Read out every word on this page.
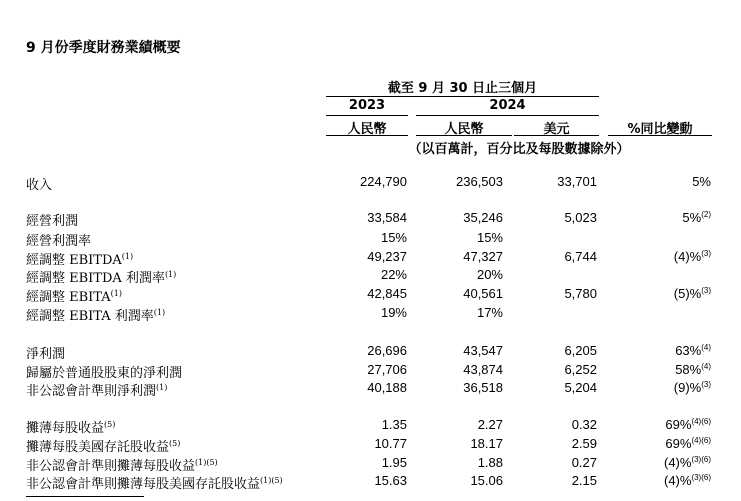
9 月份季度財務業績概要
截至 9 月 30 日止三個月
2023	2024
人民幣	人民幣	美元	%同比變動
（以百萬計，百分比及每股數據除外）
收入	224,790	236,503	33,701	5%
經營利潤	33,584	35,246	5,023	5%$^{(2)}$
經營利潤率	15%	15%
經調整 EBITDA$^{(1)}$	49,237	47,327	6,744	(4)%$^{(3)}$
經調整 EBITDA 利潤率$^{(1)}$	22%	20%
經調整 EBITA$^{(1)}$	42,845	40,561	5,780	(5)%$^{(3)}$
經調整 EBITA 利潤率$^{(1)}$	19%	17%
淨利潤	26,696	43,547	6,205	63%$^{(4)}$
歸屬於普通股股東的淨利潤	27,706	43,874	6,252	58%$^{(4)}$
非公認會計準則淨利潤$^{(1)}$	40,188	36,518	5,204	(9)%$^{(3)}$
攤薄每股收益$^{(5)}$	1.35	2.27	0.32	69%$^{(4)(6)}$
攤薄每股美國存託股收益$^{(5)}$	10.77	18.17	2.59	69%$^{(4)(6)}$
非公認會計準則攤薄每股收益$^{(1)(5)}$	1.95	1.88	0.27	(4)%$^{(3)(6)}$
非公認會計準則攤薄每股美國存託股收益$^{(1)(5)}$	15.63	15.06	2.15	(4)%$^{(3)(6)}$
